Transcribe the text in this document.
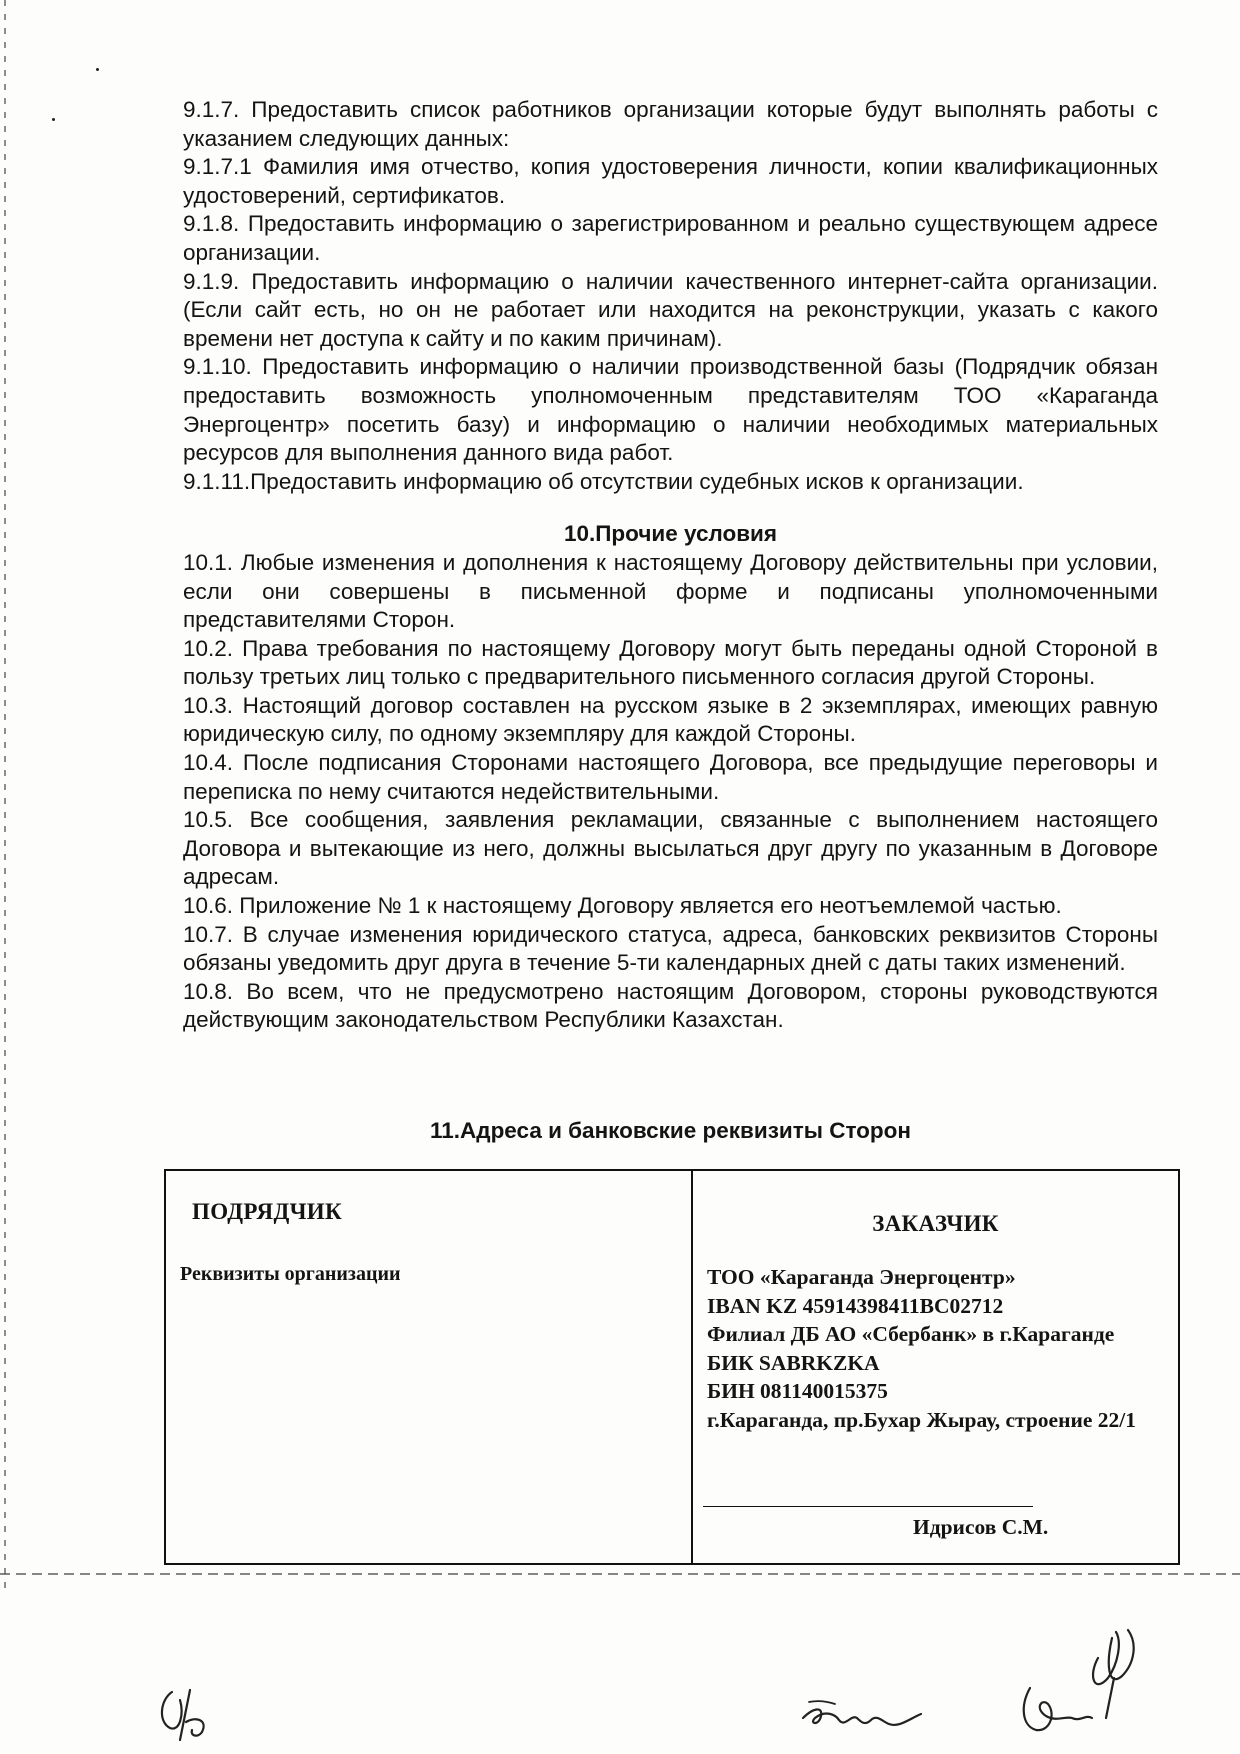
9.1.7. Предоставить список работников организации которые будут выполнять работы с указанием следующих данных:

9.1.7.1 Фамилия имя отчество, копия удостоверения личности, копии квалификационных удостоверений, сертификатов.

9.1.8. Предоставить информацию о зарегистрированном и реально существующем адресе организации.

9.1.9. Предоставить информацию о наличии качественного интернет-сайта организации. (Если сайт есть, но он не работает или находится на реконструкции, указать с какого времени нет доступа к сайту и по каким причинам).

9.1.10. Предоставить информацию о наличии производственной базы (Подрядчик обязан предоставить возможность уполномоченным представителям ТОО «Караганда Энергоцентр» посетить базу) и информацию о наличии необходимых материальных ресурсов для выполнения данного вида работ.

9.1.11.Предоставить информацию об отсутствии судебных исков к организации.

10.Прочие условия

10.1. Любые изменения и дополнения к настоящему Договору действительны при условии, если они совершены в письменной форме и подписаны уполномоченными представителями Сторон.

10.2. Права требования по настоящему Договору могут быть переданы одной Стороной в пользу третьих лиц только с предварительного письменного согласия другой Стороны.

10.3. Настоящий договор составлен на русском языке в 2 экземплярах, имеющих равную юридическую силу, по одному экземпляру для каждой Стороны.

10.4. После подписания Сторонами настоящего Договора, все предыдущие переговоры и переписка по нему считаются недействительными.

10.5. Все сообщения, заявления рекламации, связанные с выполнением настоящего Договора и вытекающие из него, должны высылаться друг другу по указанным в Договоре адресам.

10.6. Приложение № 1 к настоящему Договору является его неотъемлемой частью.

10.7. В случае изменения юридического статуса, адреса, банковских реквизитов Стороны обязаны уведомить друг друга в течение 5-ти календарных дней с даты таких изменений.

10.8. Во всем, что не предусмотрено настоящим Договором, стороны руководствуются действующим законодательством Республики Казахстан.

11.Адреса и банковские реквизиты Сторон
ПОДРЯДЧИК
Реквизиты организации
ЗАКАЗЧИК
ТОО «Караганда Энергоцентр»
IBAN KZ 45914398411BC02712
Филиал ДБ АО «Сбербанк» в г.Караганде
БИК SABRKZKA
БИН 081140015375
г.Караганда, пр.Бухар Жырау, строение 22/1
Идрисов С.М.
